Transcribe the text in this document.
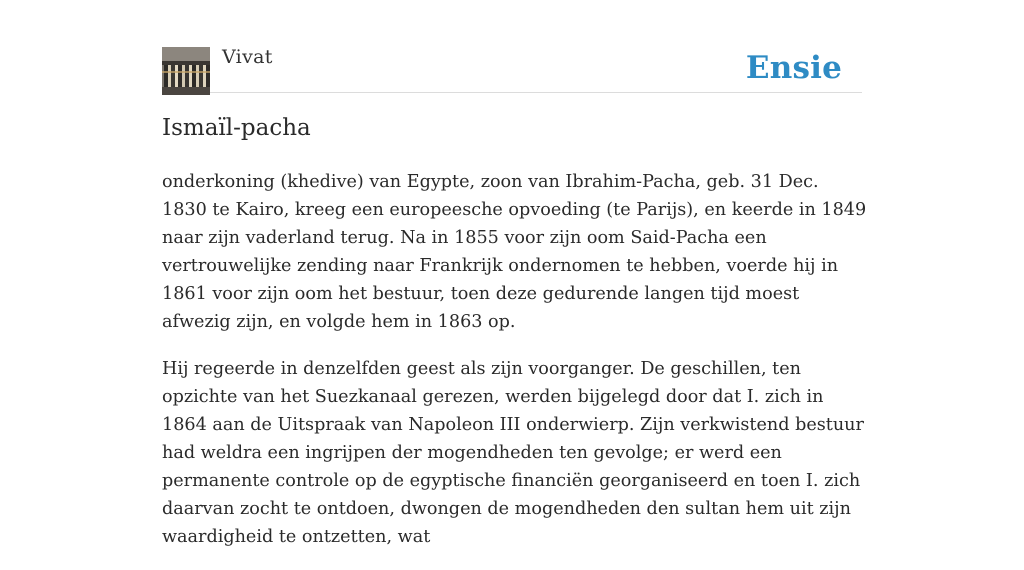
Vivat	Ensie
Ismaïl-pacha

onderkoning (khedive) van Egypte, zoon van Ibrahim-Pacha, geb. 31 Dec. 1830 te Kairo, kreeg een europeesche opvoeding (te Parijs), en keerde in 1849 naar zijn vaderland terug. Na in 1855 voor zijn oom Said-Pacha een vertrouwelijke zending naar Frankrijk ondernomen te hebben, voerde hij in 1861 voor zijn oom het bestuur, toen deze gedurende langen tijd moest afwezig zijn, en volgde hem in 1863 op.

Hij regeerde in denzelfden geest als zijn voorganger. De geschillen, ten opzichte van het Suezkanaal gerezen, werden bijgelegd door dat I. zich in 1864 aan de Uitspraak van Napoleon III onderwierp. Zijn verkwistend bestuur had weldra een ingrijpen der mogendheden ten gevolge; er werd een permanente controle op de egyptische financiën georganiseerd en toen I. zich daarvan zocht te ontdoen, dwongen de mogendheden den sultan hem uit zijn waardigheid te ontzetten, wat
